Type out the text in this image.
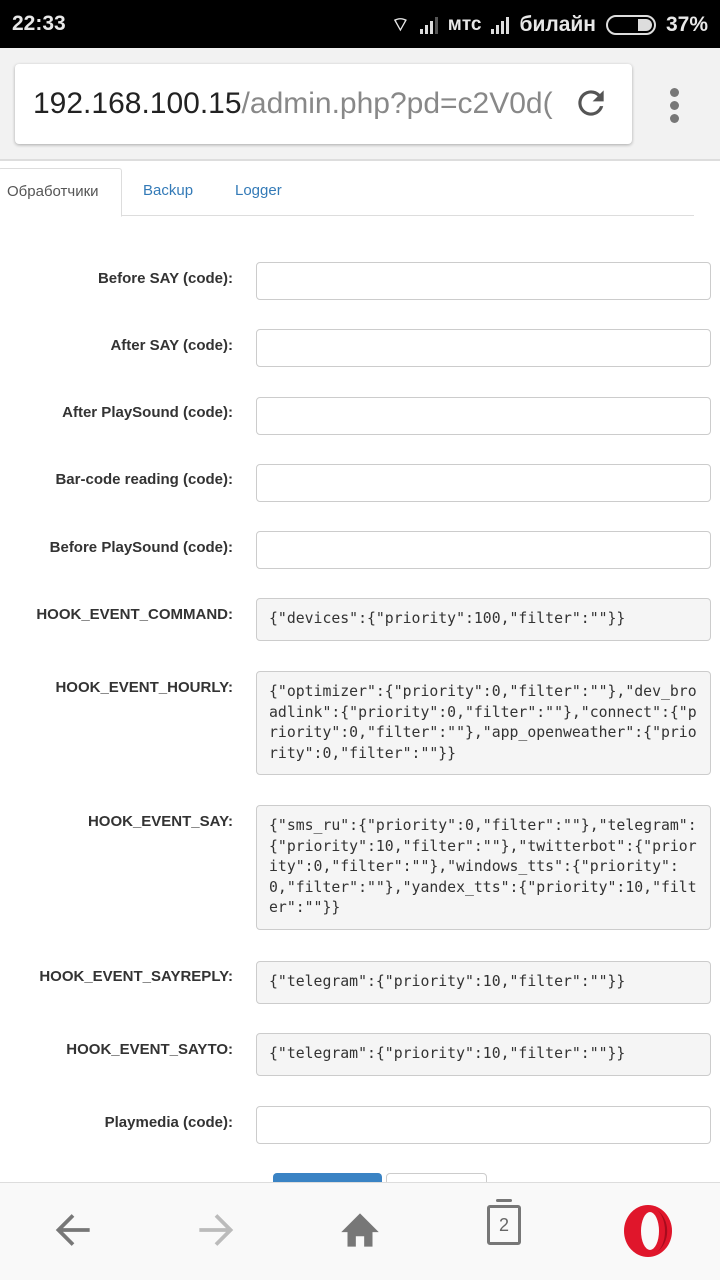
22:33	⌔ мтс билайн	37%
192.168.100.15/admin.php?pd=c2V0d(
Обработчики	Backup	Logger
Before SAY (code):
After SAY (code):
After PlaySound (code):
Bar-code reading (code):
Before PlaySound (code):
HOOK_EVENT_COMMAND:	{"devices":{"priority":100,"filter":""}}
HOOK_EVENT_HOURLY:	{"optimizer":{"priority":0,"filter":""},"dev_broadlink":{"priority":0,"filter":""},"connect":{"priority":0,"filter":""},"app_openweather":{"priority":0,"filter":""}}
HOOK_EVENT_SAY:	{"sms_ru":{"priority":0,"filter":""},"telegram":{"priority":10,"filter":""},"twitterbot":{"priority":0,"filter":""},"windows_tts":{"priority":0,"filter":""},"yandex_tts":{"priority":10,"filter":""}}
HOOK_EVENT_SAYREPLY:	{"telegram":{"priority":10,"filter":""}}
HOOK_EVENT_SAYTO:	{"telegram":{"priority":10,"filter":""}}
Playmedia (code):
2
